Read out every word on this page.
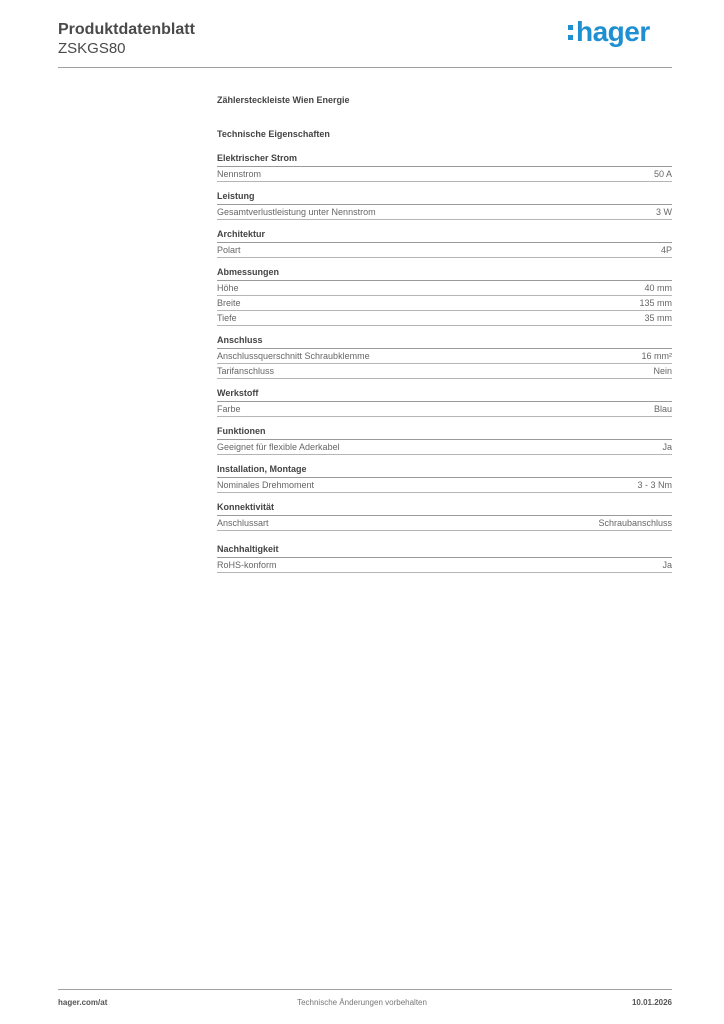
Produktdatenblatt
ZSKGS80
hager
Zählersteckleiste Wien Energie
Technische Eigenschaften
Elektrischer Strom
Nennstrom	50 A
Leistung
Gesamtverlustleistung unter Nennstrom	3 W
Architektur
Polart	4P
Abmessungen
Höhe	40 mm
Breite	135 mm
Tiefe	35 mm
Anschluss
Anschlussquerschnitt Schraubklemme	16 mm²
Tarifanschluss	Nein
Werkstoff
Farbe	Blau
Funktionen
Geeignet für flexible Aderkabel	Ja
Installation, Montage
Nominales Drehmoment	3 - 3 Nm
Konnektivität
Anschlussart	Schraubanschluss
Nachhaltigkeit
RoHS-konform	Ja
hager.com/at	Technische Änderungen vorbehalten	10.01.2026
